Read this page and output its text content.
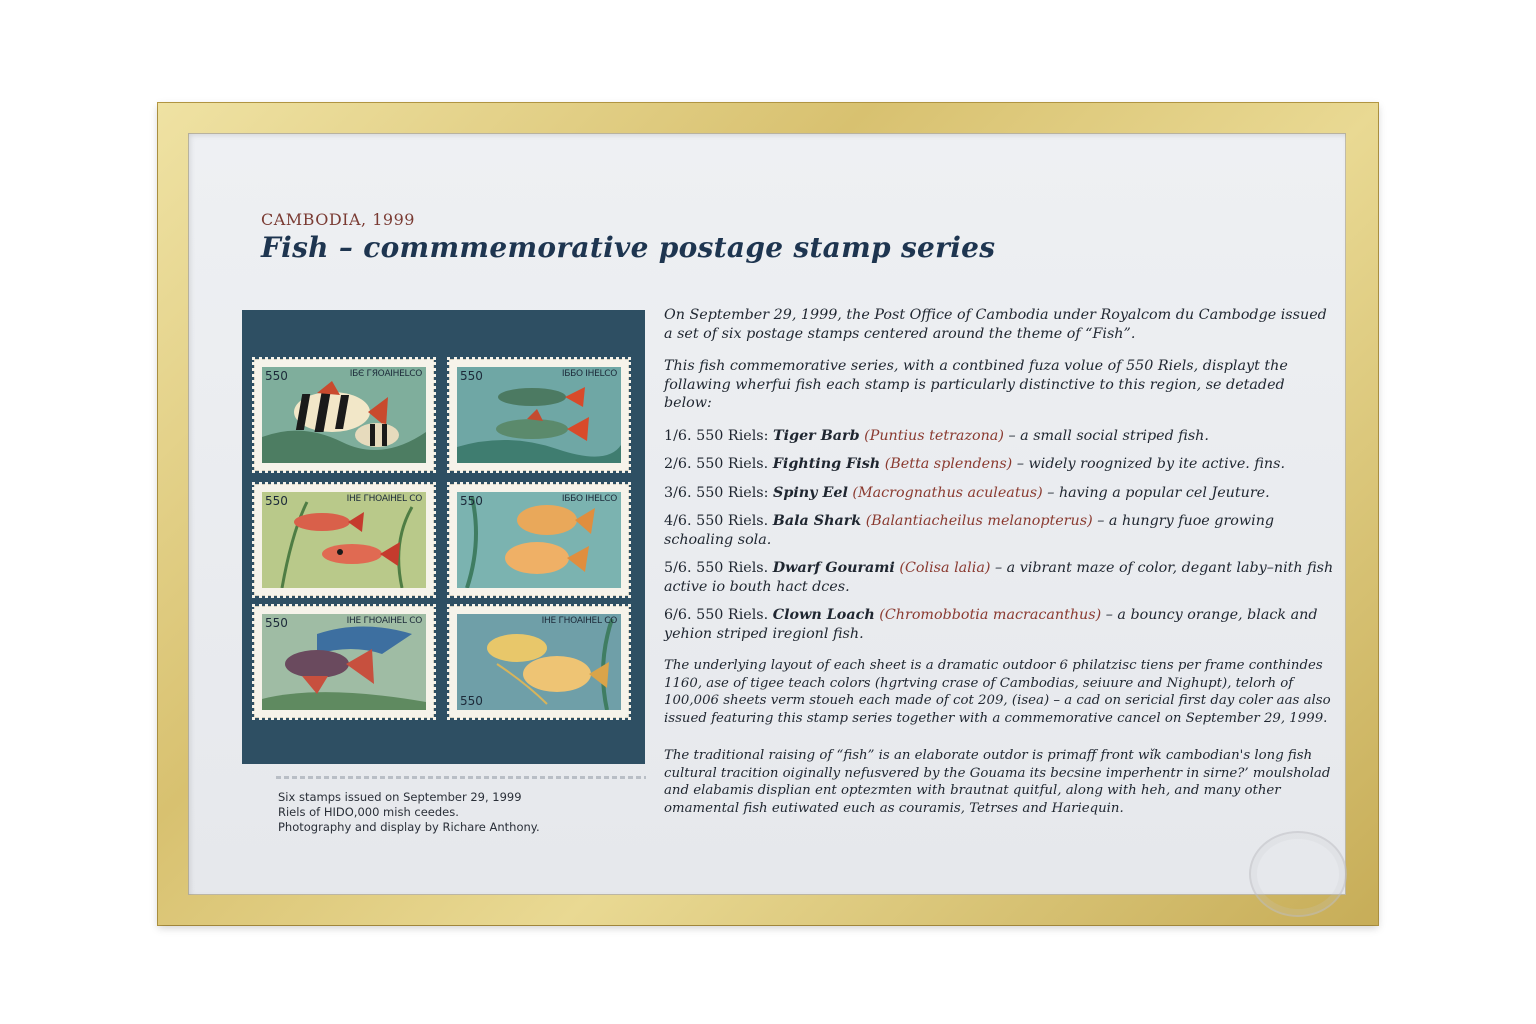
CAMBODIA, 1999
Fish – commmemorative postage stamp series
550	ІБЄ ГЯОАІНЕLCO	550	ІББО ІНЕLCO
550	ІНЕ ГНОАІНЕL CO	550	ІББО ІНЕLCO
550	ІНЕ ГНОАІНЕL CO
550
ІНЕ ГНОАІНЕL CO
Six stamps issued on September 29, 1999
Riels of HIDO,000 mish ceedes.
Photography and display by Richare Anthony.

On September 29, 1999, the Post Office of Cambodia under Royalcom du Cambodge issued a set of six postage stamps centered around the theme of “Fish”.

This fish commemorative series, with a contbined fuza volue of 550 Riels, displayt the follawing wherfui fish each stamp is particularly distinctive to this region, se detaded below:

1/6. 550 Riels: Tiger Barb (Puntius tetrazona) – a small social striped fish.

2/6. 550 Riels. Fighting Fish (Betta splendens) – widely roognized by ite active. fins.

3/6. 550 Riels: Spiny Eel (Macrognathus aculeatus) – having a popular cel Jeuture.

4/6. 550 Riels. Bala Shark (Balantiacheilus melanopterus) – a hungry fuoe growing schoaling sola.

5/6. 550 Riels. Dwarf Gourami (Colisa lalia) – a vibrant maze of color, degant laby–nith fish active io bouth hact dces.

6/6. 550 Riels. Clown Loach (Chromobbotia macracanthus) – a bouncy orange, black and yehion striped iregionl fish.

The underlying layout of each sheet is a dramatic outdoor 6 philatzisc tiens per frame conthindes 1160, ase of tigee teach colors (hgrtving crase of Cambodias, seiuure and Nighupt), telorh of 100,006 sheets verm stoueh each made of cot 209, (isea) – a cad on sericial first day coler aas also issued featuring this stamp series together with a commemorative cancel on September 29, 1999.

The traditional raising of “fish” is an elaborate outdor is primaff front wǐk cambodian's long fish cultural tracition oiginally nefusvered by the Gouama its becsine imperhentr in sirne?’ moulsholad and elabamis displian ent optezmten with brautnat quitful, along with heh, and many other omamental fish eutiwated euch as couramis, Tetrses and Hariequin.
